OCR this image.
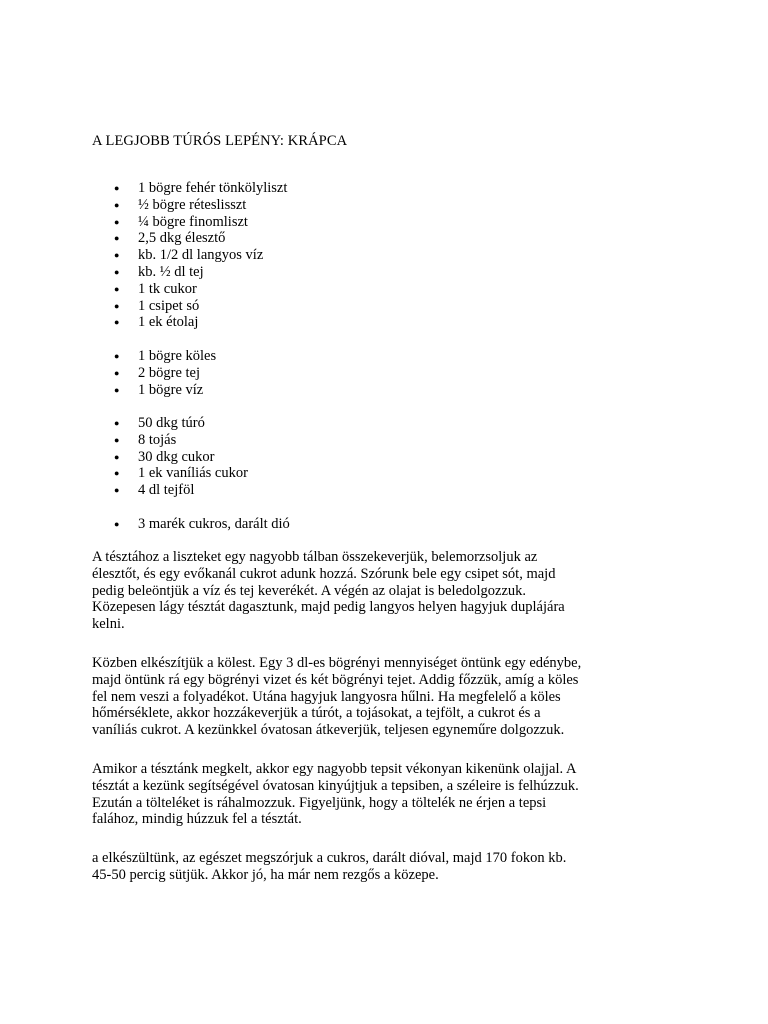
A LEGJOBB TÚRÓS LEPÉNY: KRÁPCA
● 1 bögre fehér tönkölyliszt
● ½ bögre réteslisszt
● ¼ bögre finomliszt
● 2,5 dkg élesztő
● kb. 1/2 dl langyos víz
● kb. ½ dl tej
● 1 tk cukor
● 1 csipet só
● 1 ek étolaj
● 1 bögre köles
● 2 bögre tej
● 1 bögre víz
● 50 dkg túró
● 8 tojás
● 30 dkg cukor
● 1 ek vaníliás cukor
● 4 dl tejföl
● 3 marék cukros, darált dió

A tésztához a liszteket egy nagyobb tálban összekeverjük, belemorzsoljuk az
élesztőt, és egy evőkanál cukrot adunk hozzá. Szórunk bele egy csipet sót, majd
pedig beleöntjük a víz és tej keverékét. A végén az olajat is beledolgozzuk.
Közepesen lágy tésztát dagasztunk, majd pedig langyos helyen hagyjuk duplájára
kelni.

Közben elkészítjük a kölest. Egy 3 dl-es bögrényi mennyiséget öntünk egy edénybe,
majd öntünk rá egy bögrényi vizet és két bögrényi tejet. Addig főzzük, amíg a köles
fel nem veszi a folyadékot. Utána hagyjuk langyosra hűlni. Ha megfelelő a köles
hőmérséklete, akkor hozzákeverjük a túrót, a tojásokat, a tejfölt, a cukrot és a
vaníliás cukrot. A kezünkkel óvatosan átkeverjük, teljesen egyneműre dolgozzuk.

Amikor a tésztánk megkelt, akkor egy nagyobb tepsit vékonyan kikenünk olajjal. A
tésztát a kezünk segítségével óvatosan kinyújtjuk a tepsiben, a széleire is felhúzzuk.
Ezután a tölteléket is ráhalmozzuk. Figyeljünk, hogy a töltelék ne érjen a tepsi
falához, mindig húzzuk fel a tésztát.

a elkészültünk, az egészet megszórjuk a cukros, darált dióval, majd 170 fokon kb.
45-50 percig sütjük. Akkor jó, ha már nem rezgős a közepe.
